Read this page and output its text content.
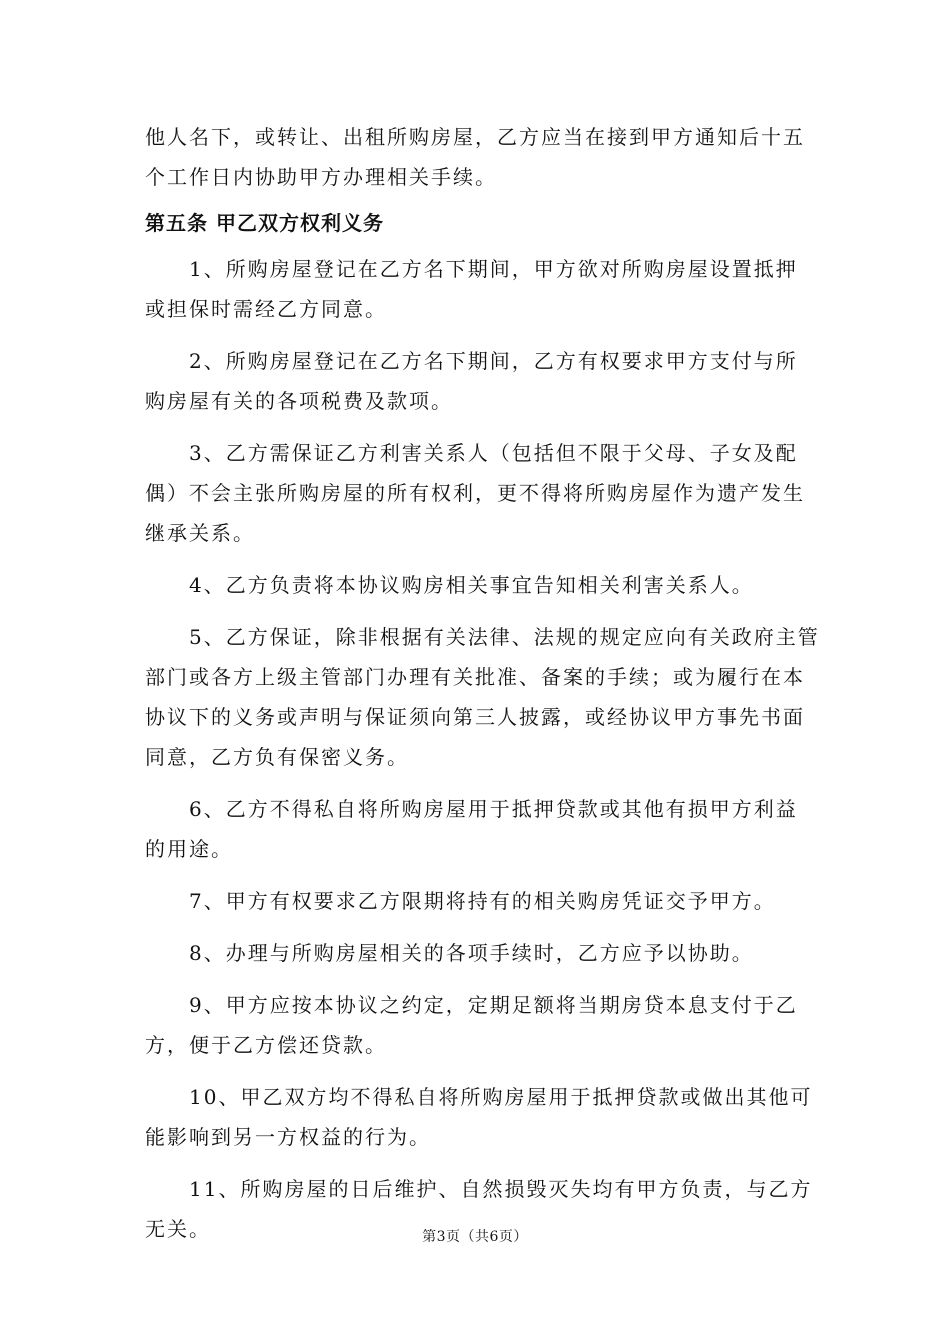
他人名下，或转让、出租所购房屋，乙方应当在接到甲方通知后十五
个工作日内协助甲方办理相关手续。
第五条 甲乙双方权利义务
1、所购房屋登记在乙方名下期间，甲方欲对所购房屋设置抵押
或担保时需经乙方同意。
2、所购房屋登记在乙方名下期间，乙方有权要求甲方支付与所
购房屋有关的各项税费及款项。
3、乙方需保证乙方利害关系人（包括但不限于父母、子女及配
偶）不会主张所购房屋的所有权利，更不得将所购房屋作为遗产发生
继承关系。
4、乙方负责将本协议购房相关事宜告知相关利害关系人。
5、乙方保证，除非根据有关法律、法规的规定应向有关政府主管
部门或各方上级主管部门办理有关批准、备案的手续；或为履行在本
协议下的义务或声明与保证须向第三人披露，或经协议甲方事先书面
同意，乙方负有保密义务。
6、乙方不得私自将所购房屋用于抵押贷款或其他有损甲方利益
的用途。
7、甲方有权要求乙方限期将持有的相关购房凭证交予甲方。
8、办理与所购房屋相关的各项手续时，乙方应予以协助。
9、甲方应按本协议之约定，定期足额将当期房贷本息支付于乙
方，便于乙方偿还贷款。
10、甲乙双方均不得私自将所购房屋用于抵押贷款或做出其他可
能影响到另一方权益的行为。
11、所购房屋的日后维护、自然损毁灭失均有甲方负责，与乙方
无关。	第3页（共6页）
